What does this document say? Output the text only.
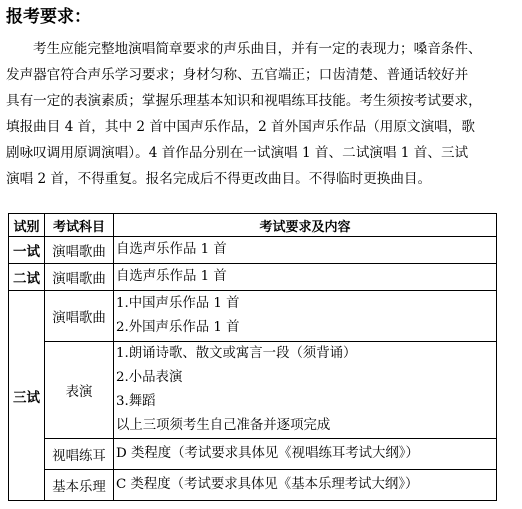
报考要求：
考生应能完整地演唱简章要求的声乐曲目，并有一定的表现力；嗓音条件、
发声器官符合声乐学习要求；身材匀称、五官端正；口齿清楚、普通话较好并
具有一定的表演素质；掌握乐理基本知识和视唱练耳技能。考生须按考试要求，
填报曲目 4 首，其中 2 首中国声乐作品，2 首外国声乐作品（用原文演唱，歌
剧咏叹调用原调演唱）。4 首作品分别在一试演唱 1 首、二试演唱 1 首、三试
演唱 2 首，不得重复。报名完成后不得更改曲目。不得临时更换曲目。
试别	考试科目	考试要求及内容
一试	演唱歌曲	自选声乐作品 1 首

二试	演唱歌曲	自选声乐作品 1 首

三试	演唱歌曲	1.中国声乐作品 1 首
2.外国声乐作品 1 首

	表演	1.朗诵诗歌、散文或寓言一段（须背诵）
2.小品表演
3.舞蹈
以上三项须考生自己准备并逐项完成

	视唱练耳	D 类程度（考试要求具体见《视唱练耳考试大纲》）

	基本乐理	C 类程度（考试要求具体见《基本乐理考试大纲》）
